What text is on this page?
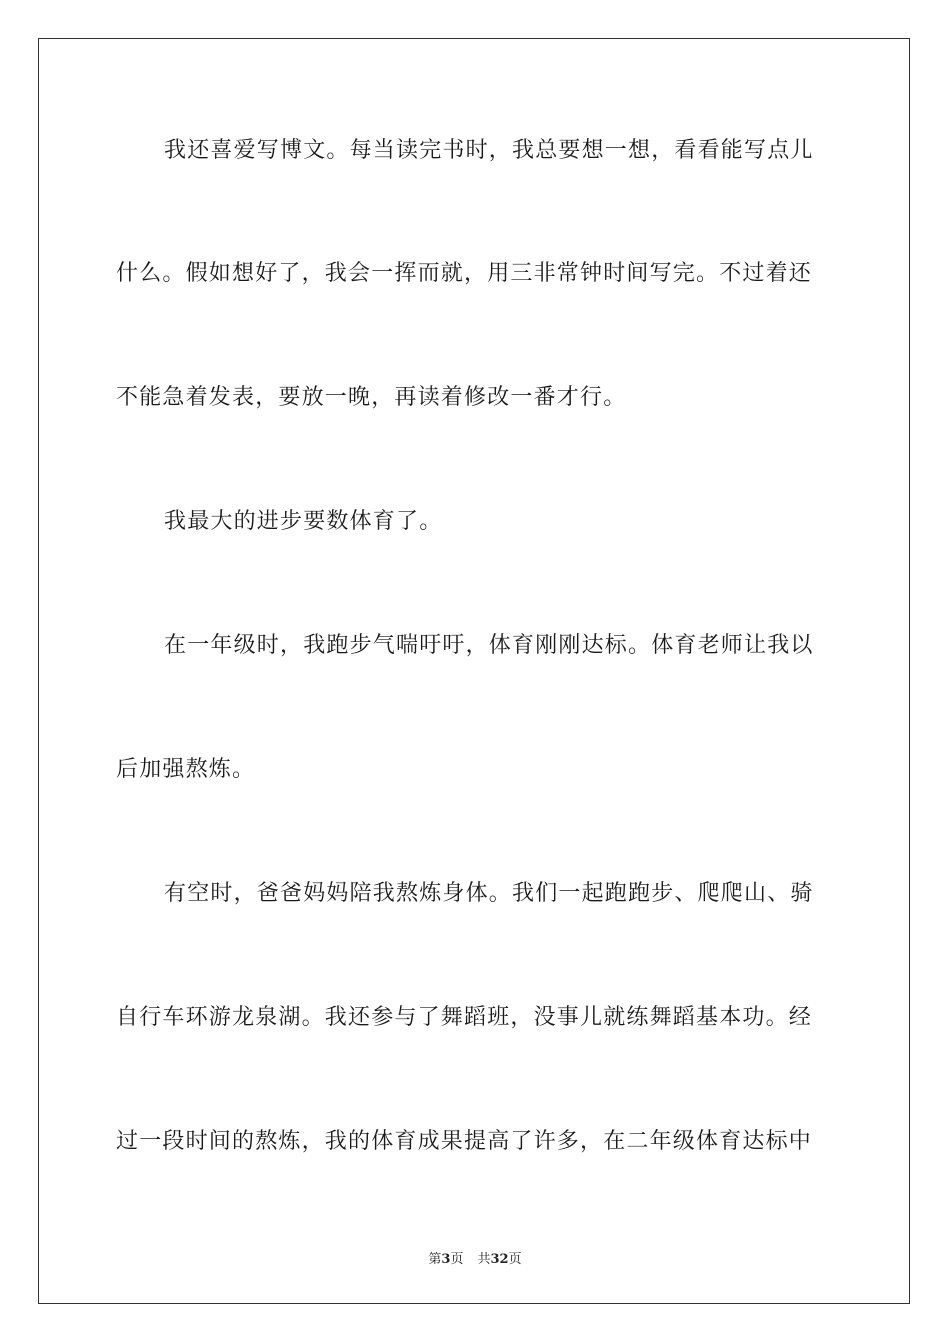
我还喜爱写博文。每当读完书时，我总要想一想，看看能写点儿
什么。假如想好了，我会一挥而就，用三非常钟时间写完。不过着还
不能急着发表，要放一晚，再读着修改一番才行。
我最大的进步要数体育了。
在一年级时，我跑步气喘吁吁，体育刚刚达标。体育老师让我以
后加强熬炼。
有空时，爸爸妈妈陪我熬炼身体。我们一起跑跑步、爬爬山、骑
自行车环游龙泉湖。我还参与了舞蹈班，没事儿就练舞蹈基本功。经
过一段时间的熬炼，我的体育成果提高了许多，在二年级体育达标中
第3页 共32页
